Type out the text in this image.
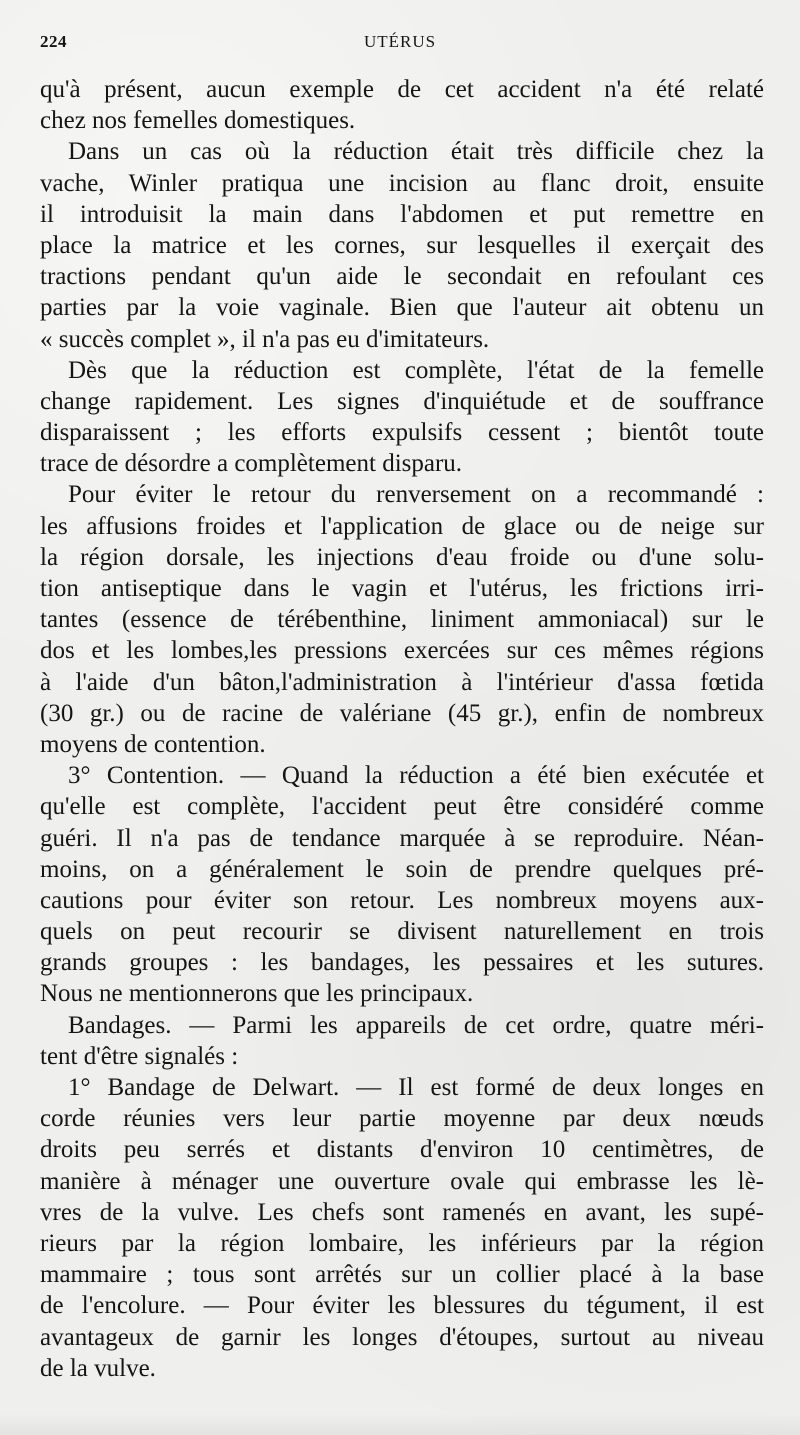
224	UTÉRUS
qu'à présent, aucun exemple de cet accident n'a été relaté
chez nos femelles domestiques.
Dans un cas où la réduction était très difficile chez la
vache, Winler pratiqua une incision au flanc droit, ensuite
il introduisit la main dans l'abdomen et put remettre en
place la matrice et les cornes, sur lesquelles il exerçait des
tractions pendant qu'un aide le secondait en refoulant ces
parties par la voie vaginale. Bien que l'auteur ait obtenu un
« succès complet », il n'a pas eu d'imitateurs.
Dès que la réduction est complète, l'état de la femelle
change rapidement. Les signes d'inquiétude et de souffrance
disparaissent ; les efforts expulsifs cessent ; bientôt toute
trace de désordre a complètement disparu.
Pour éviter le retour du renversement on a recommandé :
les affusions froides et l'application de glace ou de neige sur
la région dorsale, les injections d'eau froide ou d'une solu-
tion antiseptique dans le vagin et l'utérus, les frictions irri-
tantes (essence de térébenthine, liniment ammoniacal) sur le
dos et les lombes,les pressions exercées sur ces mêmes régions
à l'aide d'un bâton,l'administration à l'intérieur d'assa fœtida
(30 gr.) ou de racine de valériane (45 gr.), enfin de nombreux
moyens de contention.
3° Contention. — Quand la réduction a été bien exécutée et
qu'elle est complète, l'accident peut être considéré comme
guéri. Il n'a pas de tendance marquée à se reproduire. Néan-
moins, on a généralement le soin de prendre quelques pré-
cautions pour éviter son retour. Les nombreux moyens aux-
quels on peut recourir se divisent naturellement en trois
grands groupes : les bandages, les pessaires et les sutures.
Nous ne mentionnerons que les principaux.
Bandages. — Parmi les appareils de cet ordre, quatre méri-
tent d'être signalés :
1° Bandage de Delwart. — Il est formé de deux longes en
corde réunies vers leur partie moyenne par deux nœuds
droits peu serrés et distants d'environ 10 centimètres, de
manière à ménager une ouverture ovale qui embrasse les lè-
vres de la vulve. Les chefs sont ramenés en avant, les supé-
rieurs par la région lombaire, les inférieurs par la région
mammaire ; tous sont arrêtés sur un collier placé à la base
de l'encolure. — Pour éviter les blessures du tégument, il est
avantageux de garnir les longes d'étoupes, surtout au niveau
de la vulve.
